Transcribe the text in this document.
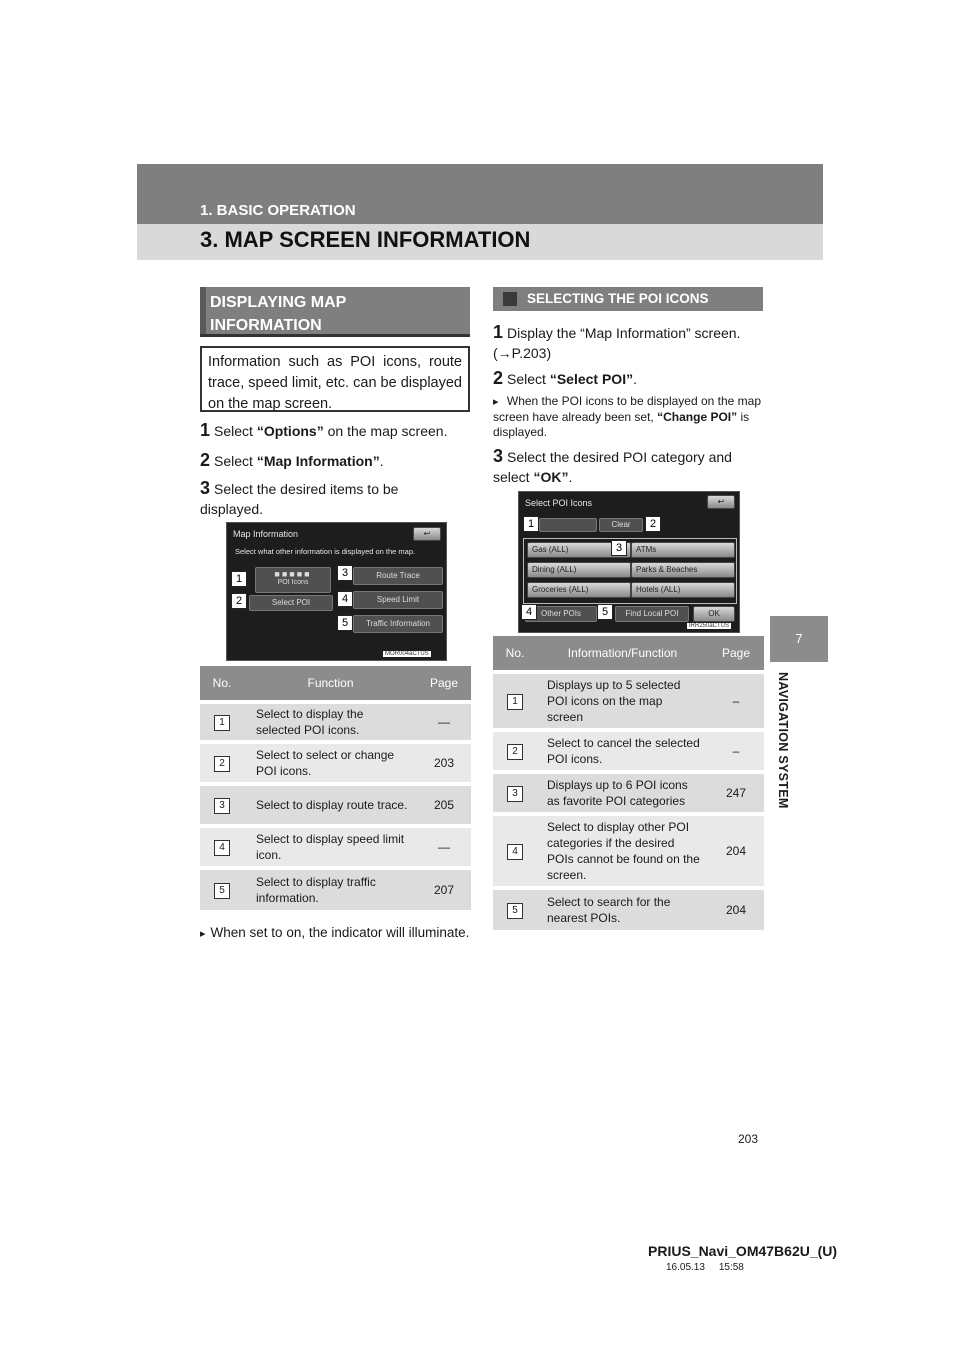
1. BASIC OPERATION
3. MAP SCREEN INFORMATION
7
NAVIGATION SYSTEM
DISPLAYING MAP INFORMATION
Information such as POI icons, route trace, speed limit, etc. can be displayed on the map screen.
1 Select “Options” on the map screen.
2 Select “Map Information”.
3 Select the desired items to be displayed.
Map Information	↩
Select what other information is displayed on the map.
■■■■■
POI Icons
Select POI
Route Trace
Speed Limit
Traffic Information
1
2
3
4
5
MOR004aCTUS
No.	Function	Page
1	Select to display the selected POI icons.	—
2	Select to select or change POI icons.	203
3	Select to display route trace.	205
4	Select to display speed limit icon.	—
5	Select to display traffic information.	207
▸ When set to on, the indicator will illuminate.
SELECTING THE POI ICONS
1 Display the “Map Information” screen. (→P.203)
2 Select “Select POI”.
▸ When the POI icons to be displayed on the map screen have already been set, “Change POI” is displayed.
3 Select the desired POI category and select “OK”.
Select POI Icons	↩
Clear
Gas (ALL)	ATMs
Dining (ALL)	Parks & Beaches
Groceries (ALL)	Hotels (ALL)
Other POIs	Find Local POI	OK
1	2
3
4	5
IRR250aCTUS
No.	Information/Function	Page
1	Displays up to 5 selected POI icons on the map screen	–
2	Select to cancel the selected POI icons.	–
3	Displays up to 6 POI icons as favorite POI categories	247
4	Select to display other POI categories if the desired POIs cannot be found on the screen.	204
5	Select to search for the nearest POIs.	204
203
PRIUS_Navi_OM47B62U_(U)
16.05.13     15:58
